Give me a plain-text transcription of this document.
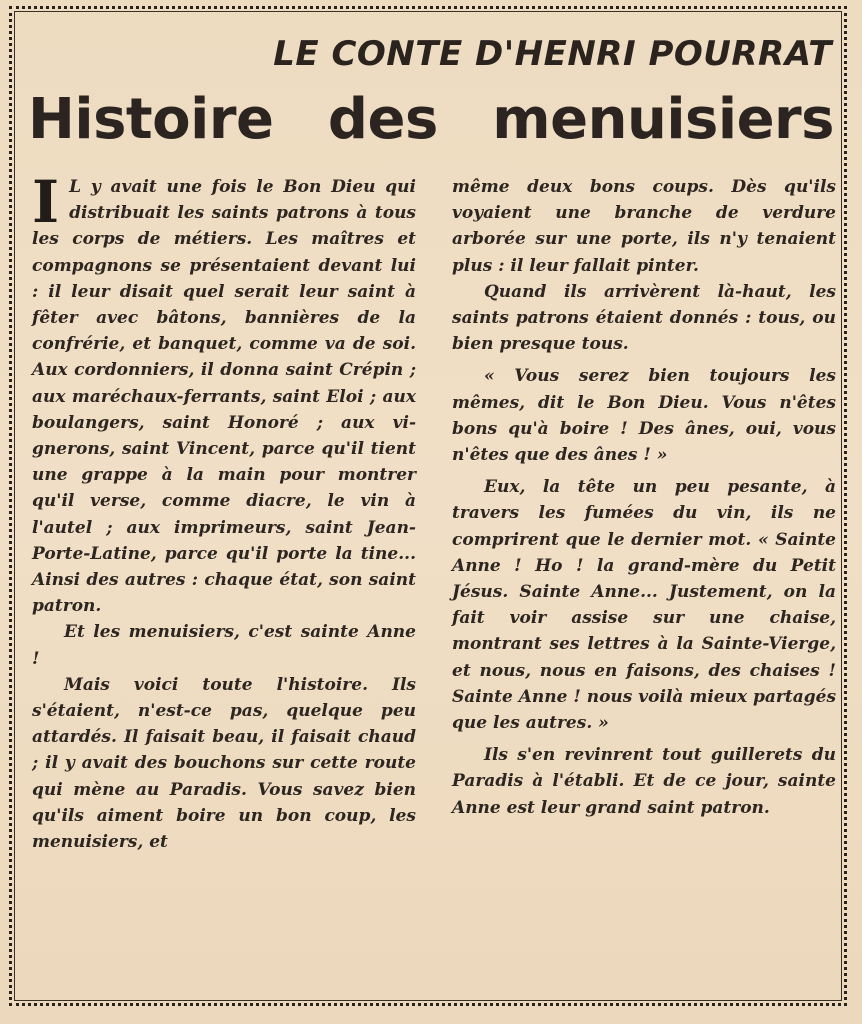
LE CONTE D'HENRI POURRAT
Histoire des menuisiers

I L y avait une fois le Bon Dieu qui distribuait les saints patrons à tous les corps de métiers. Les maîtres et compagnons se présentaient devant lui : il leur disait quel serait leur saint à fêter avec bâtons, bannières de la confrérie, et banquet, comme va de soi. Aux cordonniers, il donna saint Crépin ; aux maréchaux-ferrants, saint Eloi ; aux boulangers, saint Honoré ; aux vignerons, saint Vincent, parce qu'il tient une grappe à la main pour montrer qu'il verse, comme diacre, le vin à l'autel ; aux imprimeurs, saint Jean-Porte-Latine, parce qu'il porte la tine... Ainsi des autres : chaque état, son saint patron.

Et les menuisiers, c'est sainte Anne !

Mais voici toute l'histoire. Ils s'étaient, n'est-ce pas, quelque peu attardés. Il faisait beau, il faisait chaud ; il y avait des bouchons sur cette route qui mène au Paradis. Vous savez bien qu'ils aiment boire un bon coup, les menuisiers, et

même deux bons coups. Dès qu'ils voyaient une branche de verdure arborée sur une porte, ils n'y tenaient plus : il leur fallait pinter.

Quand ils arrivèrent là-haut, les saints patrons étaient donnés : tous, ou bien presque tous.

« Vous serez bien toujours les mêmes, dit le Bon Dieu. Vous n'êtes bons qu'à boire ! Des ânes, oui, vous n'êtes que des ânes ! »

Eux, la tête un peu pesante, à travers les fumées du vin, ils ne comprirent que le dernier mot. « Sainte Anne ! Ho ! la grand-mère du Petit Jésus. Sainte Anne... Justement, on la fait voir assise sur une chaise, montrant ses lettres à la Sainte-Vierge, et nous, nous en faisons, des chaises ! Sainte Anne ! nous voilà mieux partagés que les autres. »

Ils s'en revinrent tout guillerets du Paradis à l'établi. Et de ce jour, sainte Anne est leur grand saint patron.
